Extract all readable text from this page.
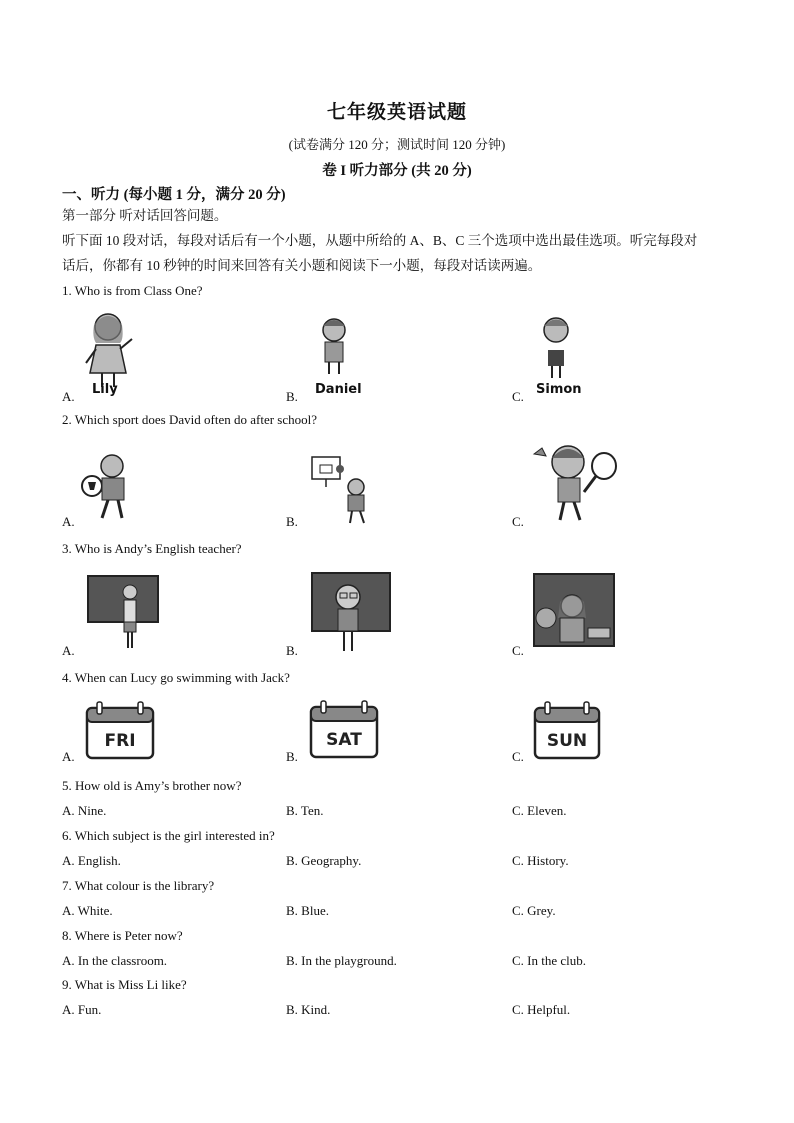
七年级英语试题
(试卷满分 120 分；测试时间 120 分钟)
卷 I 听力部分 (共 20 分)
一、听力 (每小题 1 分，满分 20 分)
第一部分 听对话回答问题。
听下面 10 段对话，每段对话后有一个小题，从题中所给的 A、B、C 三个选项中选出最佳选项。听完每段对
话后，你都有 10 秒钟的时间来回答有关小题和阅读下一小题，每段对话读两遍。
1. Who is from Class One?
A. Lily	B. Daniel	C. Simon
2. Which sport does David often do after school?
A.	B.	C.
3. Who is Andy’s English teacher?
A.	B.	C.
4. When can Lucy go swimming with Jack?
A.
FRI
B.
SAT
C.
SUN
5. How old is Amy’s brother now?
A. Nine.	B. Ten.	C. Eleven.
6. Which subject is the girl interested in?
A. English.	B. Geography.	C. History.
7. What colour is the library?
A. White.	B. Blue.	C. Grey.
8. Where is Peter now?
A. In the classroom.	B. In the playground.	C. In the club.
9. What is Miss Li like?
A. Fun.	B. Kind.	C. Helpful.
